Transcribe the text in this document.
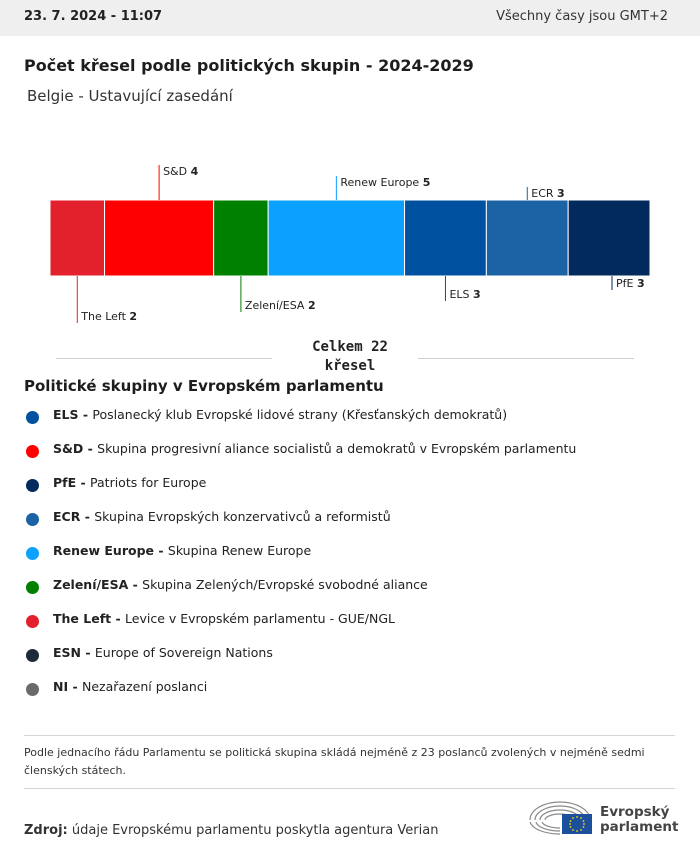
23. 7. 2024 - 11:07	Všechny časy jsou GMT+2
Počet křesel podle politických skupin - 2024-2029
Belgie - Ustavující zasedání
The Left 2
S&D 4
Zelení/ESA 2
Renew Europe 5
ELS 3
ECR 3
PfE 3
Celkem 22
křesel
Politické skupiny v Evropském parlamentu
ELS - Poslanecký klub Evropské lidové strany (Křesťanských demokratů)
S&D - Skupina progresivní aliance socialistů a demokratů v Evropském parlamentu
PfE - Patriots for Europe
ECR - Skupina Evropských konzervativců a reformistů
Renew Europe - Skupina Renew Europe
Zelení/ESA - Skupina Zelených/Evropské svobodné aliance
The Left - Levice v Evropském parlamentu - GUE/NGL
ESN - Europe of Sovereign Nations
NI - Nezařazení poslanci
Podle jednacího řádu Parlamentu se politická skupina skládá nejméně z 23 poslanců zvolených v nejméně sedmi členských státech.
Zdroj: údaje Evropskému parlamentu poskytla agentura Verian
Evropský
parlament
